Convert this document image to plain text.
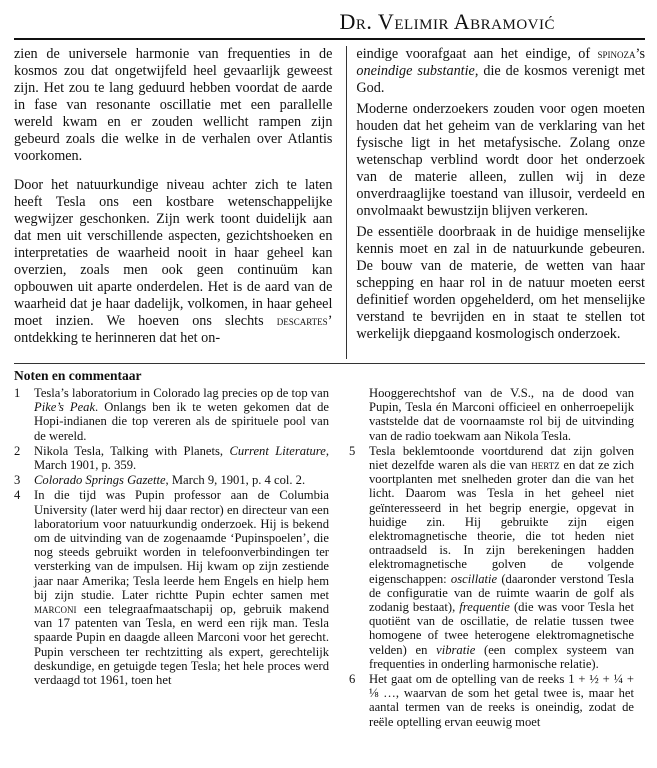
Dr. Velimir Abramović

zien de universele harmonie van frequenties in de kosmos zou dat ongetwijfeld heel gevaarlijk geweest zijn. Het zou te lang geduurd hebben voordat de aarde in fase van resonante oscillatie met een parallelle wereld kwam en er zouden wellicht rampen zijn gebeurd zoals die welke in de verhalen over Atlantis voorkomen.

Door het natuurkundige niveau achter zich te laten heeft Tesla ons een kostbare wetenschappelijke wegwijzer geschonken. Zijn werk toont duidelijk aan dat men uit verschillende aspecten, gezichtshoeken en interpretaties de waarheid nooit in haar geheel kan overzien, zoals men ook geen continuüm kan opbouwen uit aparte onderdelen. Het is de aard van de waarheid dat je haar dadelijk, volkomen, in haar geheel moet inzien. We hoeven ons slechts descartes’ ontdekking te herinneren dat het on-

eindige voorafgaat aan het eindige, of spinoza’s oneindige substantie, die de kosmos verenigt met God.

Moderne onderzoekers zouden voor ogen moeten houden dat het geheim van de verklaring van het fysische ligt in het metafysische. Zolang onze wetenschap verblind wordt door het onderzoek van de materie alleen, zullen wij in deze onverdraaglijke toestand van illusoir, verdeeld en onvolmaakt bewustzijn blijven verkeren.

De essentiële doorbraak in de huidige menselijke kennis moet en zal in de natuurkunde gebeuren. De bouw van de materie, de wetten van haar schepping en haar rol in de natuur moeten eerst definitief worden opgehelderd, om het menselijke verstand te bevrijden en in staat te stellen tot werkelijk diepgaand kosmologisch onderzoek.

Noten en commentaar
1	Tesla’s laboratorium in Colorado lag precies op de top van Pike’s Peak. Onlangs ben ik te weten gekomen dat de Hopi-indianen die top vereren als de spirituele pool van de wereld.
2	Nikola Tesla, Talking with Planets, Current Literature, March 1901, p. 359.
3	Colorado Springs Gazette, March 9, 1901, p. 4 col. 2.
4	In die tijd was Pupin professor aan de Columbia University (later werd hij daar rector) en directeur van een laboratorium voor natuurkundig onderzoek. Hij is bekend om de uitvinding van de zogenaamde ‘Pupinspoelen’, die nog steeds gebruikt worden in telefoonverbindingen ter versterking van de impulsen. Hij kwam op zijn zestiende jaar naar Amerika; Tesla leerde hem Engels en hielp hem bij zijn studie. Later richtte Pupin echter samen met marconi een telegraafmaatschapij op, gebruik makend van 17 patenten van Tesla, en werd een rijk man. Tesla spaarde Pupin en daagde alleen Marconi voor het gerecht. Pupin verscheen ter rechtzitting als expert, gerechtelijk deskundige, en getuigde tegen Tesla; het hele proces werd verdaagd tot 1961, toen het
Hooggerechtshof van de V.S., na de dood van Pupin, Tesla én Marconi officieel en onherroepelijk vaststelde dat de voornaamste rol bij de uitvinding van de radio toekwam aan Nikola Tesla.
5	Tesla beklemtoonde voortdurend dat zijn golven niet dezelfde waren als die van hertz en dat ze zich voortplanten met snelheden groter dan die van het licht. Daarom was Tesla in het geheel niet geïnteresseerd in het begrip energie, opgevat in huidige zin. Hij gebruikte zijn eigen elektromagnetische theorie, die tot heden niet ontraadseld is. In zijn berekeningen hadden elektromagnetische golven de volgende eigenschappen: oscillatie (daaronder verstond Tesla de configuratie van de ruimte waarin de golf als zodanig bestaat), frequentie (die was voor Tesla het quotiënt van de oscillatie, de relatie tussen twee homogene of twee heterogene elektromagnetische velden) en vibratie (een complex systeem van frequenties in onderling harmonische relatie).
6	Het gaat om de optelling van de reeks 1 + ½ + ¼ + ⅛ …, waarvan de som het getal twee is, maar het aantal termen van de reeks is oneindig, zodat de reële optelling ervan eeuwig moet
